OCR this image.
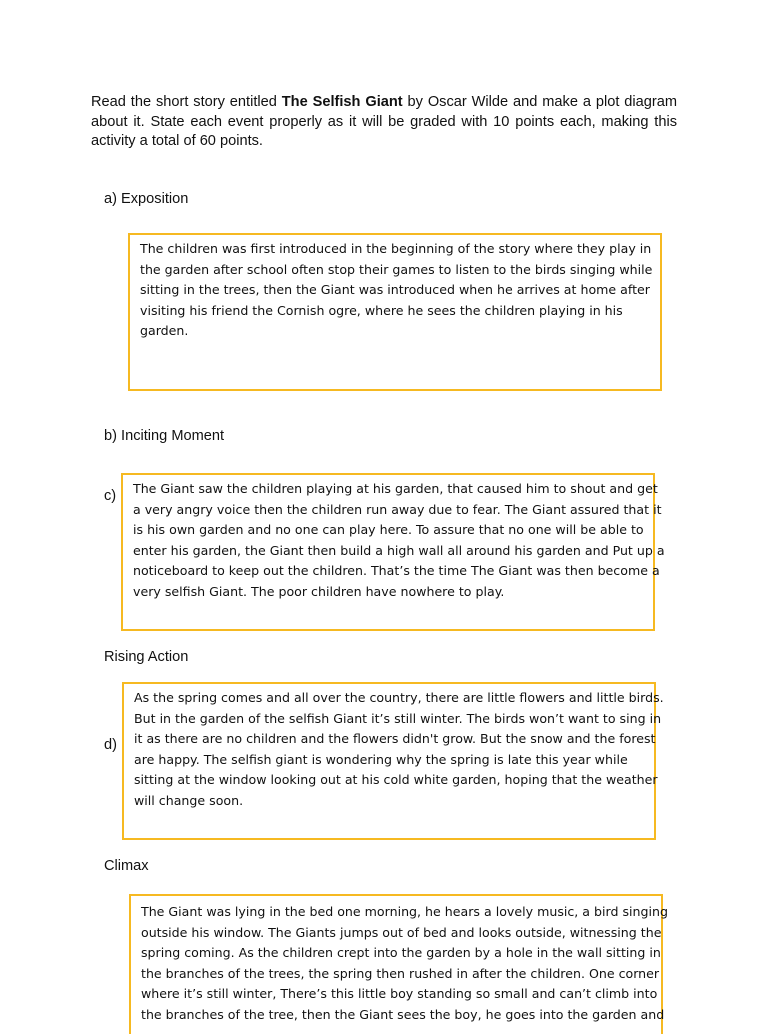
Read the short story entitled The Selfish Giant by Oscar Wilde and make a plot diagram about it. State each event properly as it will be graded with 10 points each, making this activity a total of 60 points.
a) Exposition

The children was first introduced in the beginning of the story where they play in
the garden after school often stop their games to listen to the birds singing while
sitting in the trees, then the Giant was introduced when he arrives at home after
visiting his friend the Cornish ogre, where he sees the children playing in his
garden.

b) Inciting Moment
c) The Giant saw the children playing at his garden, that caused him to shout and get
a very angry voice then the children run away due to fear. The Giant assured that it
is his own garden and no one can play here. To assure that no one will be able to
enter his garden, the Giant then build a high wall all around his garden and Put up a
noticeboard to keep out the children. That’s the time The Giant was then become a
very selfish Giant. The poor children have nowhere to play.

Rising Action
d)

As the spring comes and all over the country, there are little flowers and little birds.
But in the garden of the selfish Giant it’s still winter. The birds won’t want to sing in
it as there are no children and the flowers didn't grow. But the snow and the forest
are happy. The selfish giant is wondering why the spring is late this year while
sitting at the window looking out at his cold white garden, hoping that the weather
will change soon.

Climax

The Giant was lying in the bed one morning, he hears a lovely music, a bird singing
outside his window. The Giants jumps out of bed and looks outside, witnessing the
spring coming. As the children crept into the garden by a hole in the wall sitting in
the branches of the trees, the spring then rushed in after the children. One corner
where it’s still winter, There’s this little boy standing so small and can’t climb into
the branches of the tree, then the Giant sees the boy, he goes into the garden and
